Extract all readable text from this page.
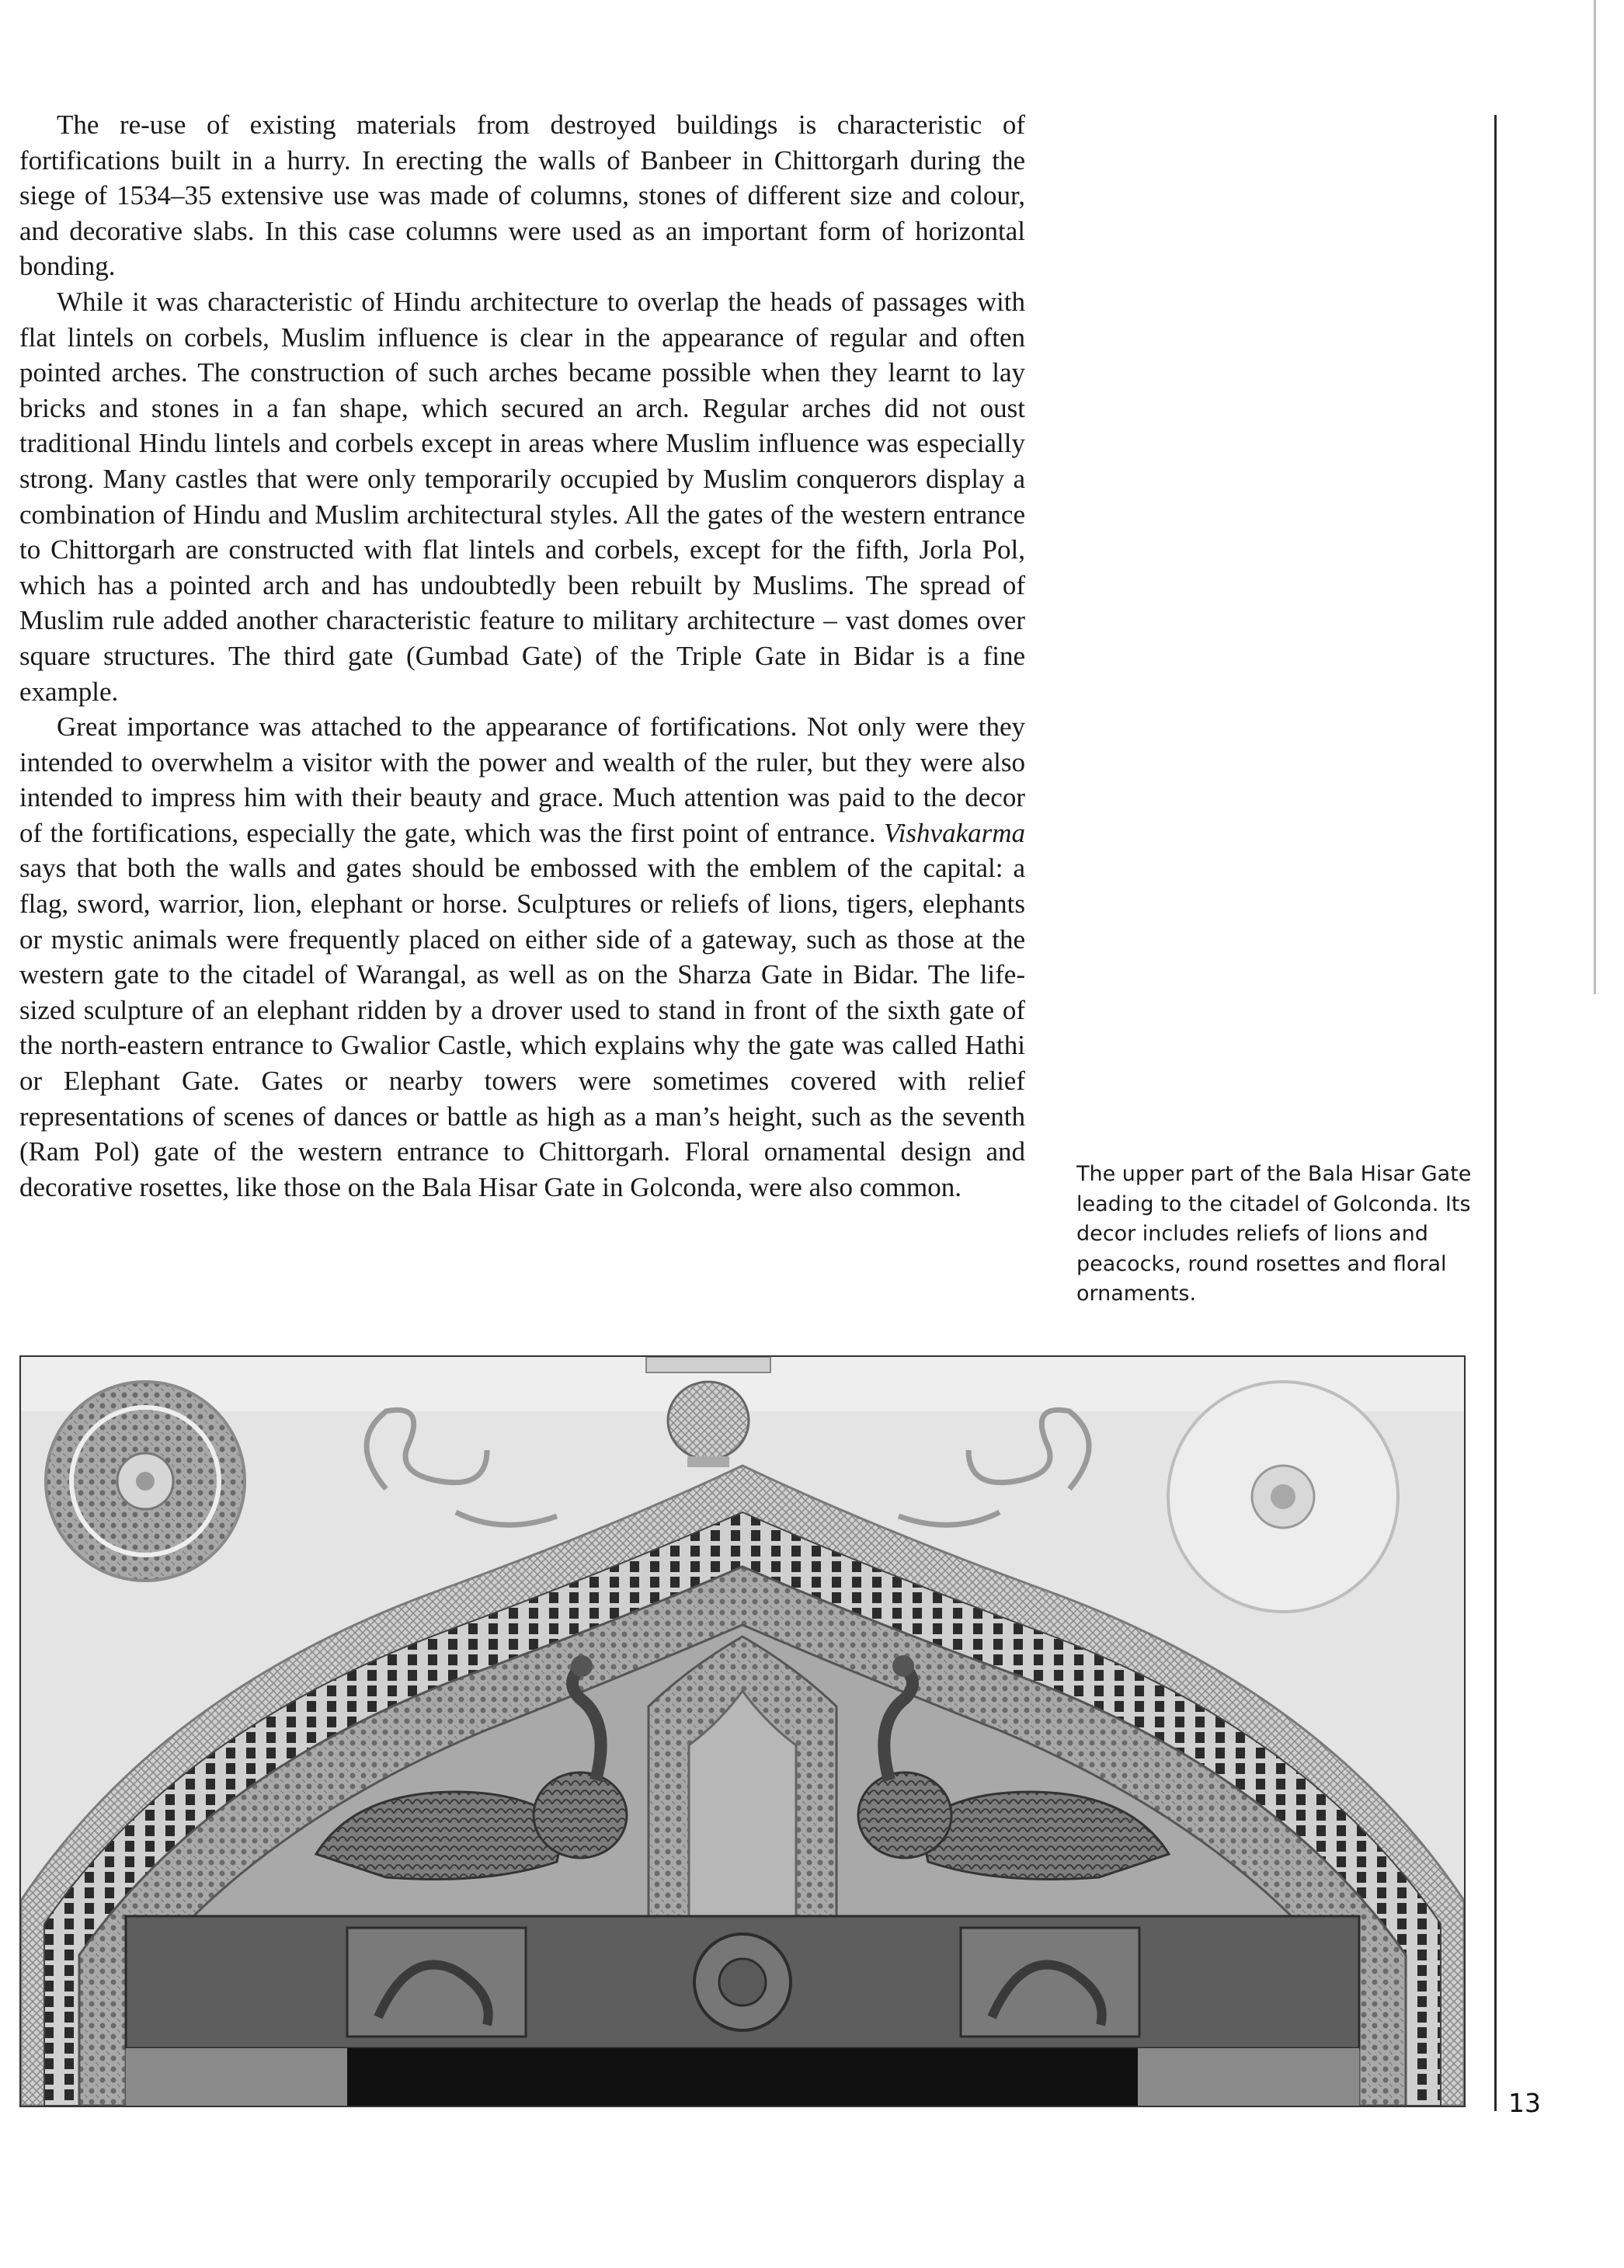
The re-use of existing materials from destroyed buildings is characteristic of fortifications built in a hurry. In erecting the walls of Banbeer in Chittorgarh during the siege of 1534–35 extensive use was made of columns, stones of different size and colour, and decorative slabs. In this case columns were used as an important form of horizontal bonding.

While it was characteristic of Hindu architecture to overlap the heads of passages with flat lintels on corbels, Muslim influence is clear in the appearance of regular and often pointed arches. The construction of such arches became possible when they learnt to lay bricks and stones in a fan shape, which secured an arch. Regular arches did not oust traditional Hindu lintels and corbels except in areas where Muslim influence was especially strong. Many castles that were only temporarily occupied by Muslim conquerors display a combination of Hindu and Muslim architectural styles. All the gates of the western entrance to Chittorgarh are constructed with flat lintels and corbels, except for the fifth, Jorla Pol, which has a pointed arch and has undoubtedly been rebuilt by Muslims. The spread of Muslim rule added another characteristic feature to military architecture – vast domes over square structures. The third gate (Gumbad Gate) of the Triple Gate in Bidar is a fine example.

Great importance was attached to the appearance of fortifications. Not only were they intended to overwhelm a visitor with the power and wealth of the ruler, but they were also intended to impress him with their beauty and grace. Much attention was paid to the decor of the fortifications, especially the gate, which was the first point of entrance. Vishvakarma says that both the walls and gates should be embossed with the emblem of the capital: a flag, sword, warrior, lion, elephant or horse. Sculptures or reliefs of lions, tigers, elephants or mystic animals were frequently placed on either side of a gateway, such as those at the western gate to the citadel of Warangal, as well as on the Sharza Gate in Bidar. The life-sized sculpture of an elephant ridden by a drover used to stand in front of the sixth gate of the north-eastern entrance to Gwalior Castle, which explains why the gate was called Hathi or Elephant Gate. Gates or nearby towers were sometimes covered with relief representations of scenes of dances or battle as high as a man’s height, such as the seventh (Ram Pol) gate of the western entrance to Chittorgarh. Floral ornamental design and decorative rosettes, like those on the Bala Hisar Gate in Golconda, were also common.	The upper part of the Bala Hisar Gate leading to the citadel of Golconda. Its decor includes reliefs of lions and peacocks, round rosettes and floral ornaments.
13
